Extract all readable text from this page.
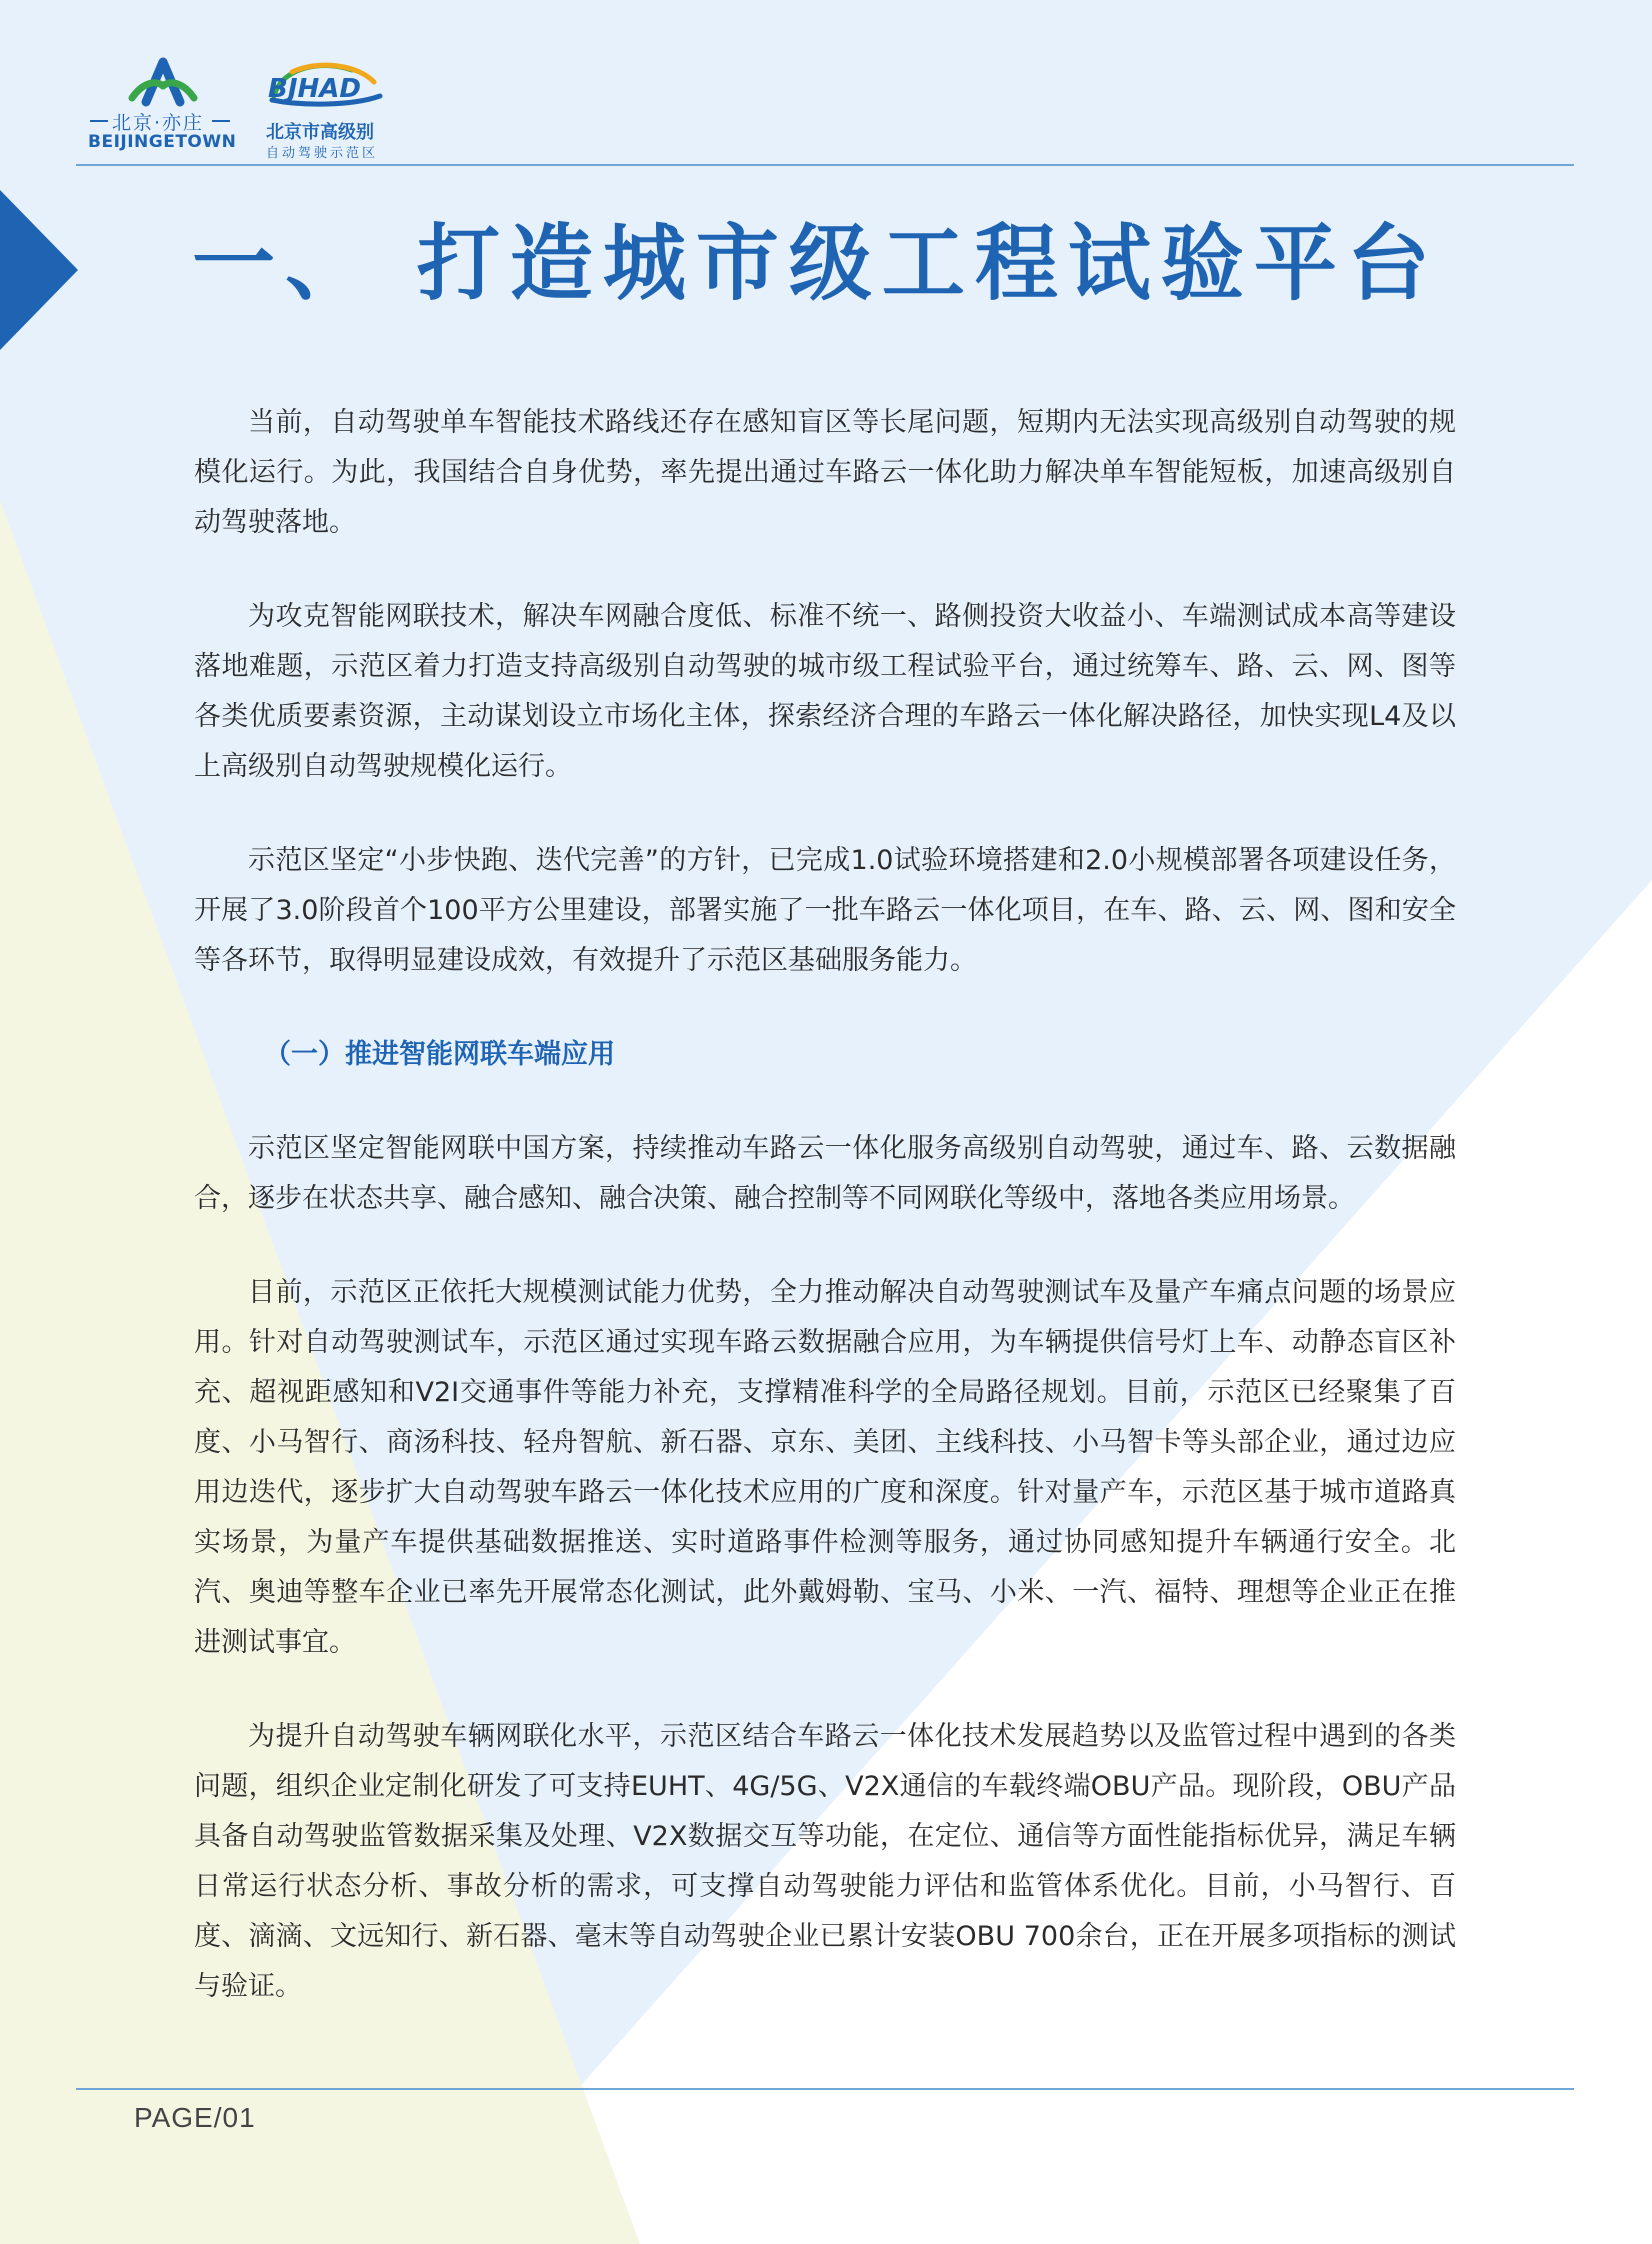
北京·亦庄
BEIJINGETOWN
BJHAD
北京市高级别
自动驾驶示范区
一、 打造城市级工程试验平台

当前，自动驾驶单车智能技术路线还存在感知盲区等长尾问题，短期内无法实现高级别自动驾驶的规模化运行。为此，我国结合自身优势，率先提出通过车路云一体化助力解决单车智能短板，加速高级别自动驾驶落地。

为攻克智能网联技术，解决车网融合度低、标准不统一、路侧投资大收益小、车端测试成本高等建设落地难题，示范区着力打造支持高级别自动驾驶的城市级工程试验平台，通过统筹车、路、云、网、图等各类优质要素资源，主动谋划设立市场化主体，探索经济合理的车路云一体化解决路径，加快实现L4及以上高级别自动驾驶规模化运行。

示范区坚定“小步快跑、迭代完善”的方针，已完成1.0试验环境搭建和2.0小规模部署各项建设任务，开展了3.0阶段首个100平方公里建设，部署实施了一批车路云一体化项目，在车、路、云、网、图和安全等各环节，取得明显建设成效，有效提升了示范区基础服务能力。

（一）推进智能网联车端应用

示范区坚定智能网联中国方案，持续推动车路云一体化服务高级别自动驾驶，通过车、路、云数据融合，逐步在状态共享、融合感知、融合决策、融合控制等不同网联化等级中，落地各类应用场景。

目前，示范区正依托大规模测试能力优势，全力推动解决自动驾驶测试车及量产车痛点问题的场景应用。针对自动驾驶测试车，示范区通过实现车路云数据融合应用，为车辆提供信号灯上车、动静态盲区补充、超视距感知和V2I交通事件等能力补充，支撑精准科学的全局路径规划。目前，示范区已经聚集了百度、小马智行、商汤科技、轻舟智航、新石器、京东、美团、主线科技、小马智卡等头部企业，通过边应用边迭代，逐步扩大自动驾驶车路云一体化技术应用的广度和深度。针对量产车，示范区基于城市道路真实场景，为量产车提供基础数据推送、实时道路事件检测等服务，通过协同感知提升车辆通行安全。北汽、奥迪等整车企业已率先开展常态化测试，此外戴姆勒、宝马、小米、一汽、福特、理想等企业正在推进测试事宜。

为提升自动驾驶车辆网联化水平，示范区结合车路云一体化技术发展趋势以及监管过程中遇到的各类问题，组织企业定制化研发了可支持EUHT、4G/5G、V2X通信的车载终端OBU产品。现阶段，OBU产品具备自动驾驶监管数据采集及处理、V2X数据交互等功能，在定位、通信等方面性能指标优异，满足车辆日常运行状态分析、事故分析的需求，可支撑自动驾驶能力评估和监管体系优化。目前，小马智行、百度、滴滴、文远知行、新石器、毫末等自动驾驶企业已累计安装OBU 700余台，正在开展多项指标的测试与验证。

PAGE/01
